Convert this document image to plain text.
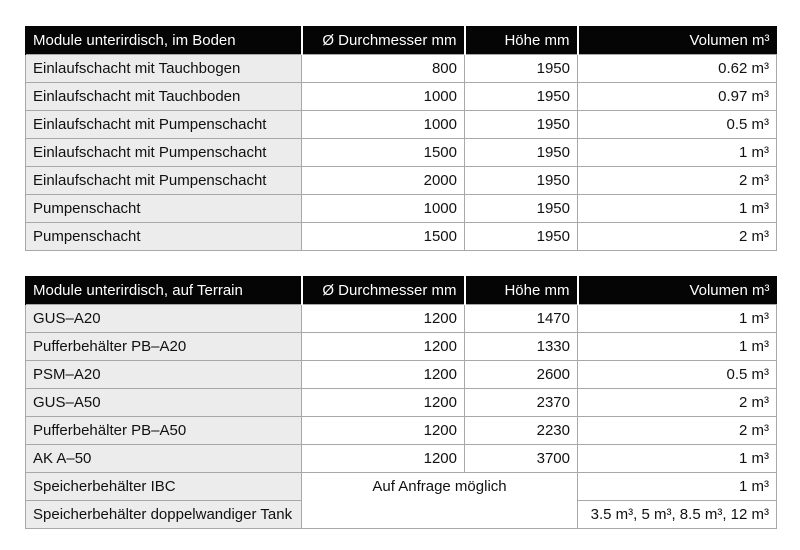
Module unterirdisch, im Boden	Ø Durchmesser mm	Höhe mm	Volumen m³
Einlaufschacht mit Tauchbogen	800	1950	0.62 m³
Einlaufschacht mit Tauchboden	1000	1950	0.97 m³
Einlaufschacht mit Pumpenschacht	1000	1950	0.5 m³
Einlaufschacht mit Pumpenschacht	1500	1950	1 m³
Einlaufschacht mit Pumpenschacht	2000	1950	2 m³
Pumpenschacht	1000	1950	1 m³
Pumpenschacht	1500	1950	2 m³
Module unterirdisch, auf Terrain	Ø Durchmesser mm	Höhe mm	Volumen m³
GUS–A20	1200	1470	1 m³
Pufferbehälter PB–A20	1200	1330	1 m³
PSM–A20	1200	2600	0.5 m³
GUS–A50	1200	2370	2 m³
Pufferbehälter PB–A50	1200	2230	2 m³
AK A–50	1200	3700	1 m³
Speicherbehälter IBC	Auf Anfrage möglich		1 m³
Speicherbehälter doppelwandiger Tank			3.5 m³, 5 m³, 8.5 m³, 12 m³
